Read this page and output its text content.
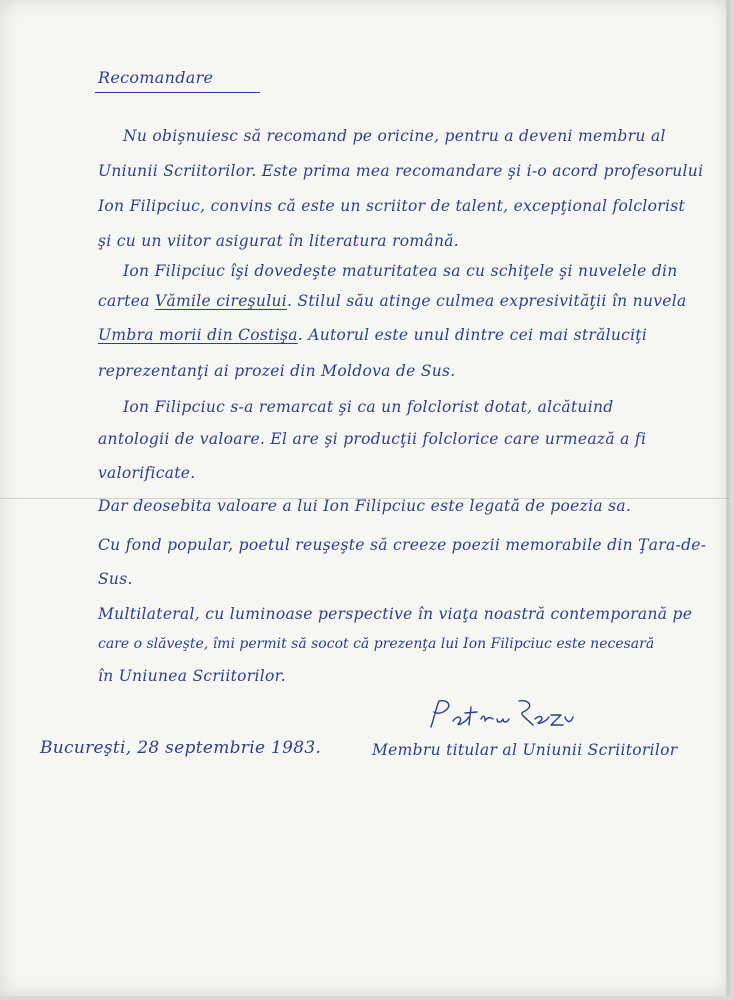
Recomandare
Nu obişnuiesc să recomand pe oricine, pentru a deveni membru al
Uniunii Scriitorilor. Este prima mea recomandare şi i-o acord profesorului
Ion Filipciuc, convins că este un scriitor de talent, excepţional folclorist
şi cu un viitor asigurat în literatura română.
Ion Filipciuc îşi dovedeşte maturitatea sa cu schiţele şi nuvelele din
cartea Vămile cireşului. Stilul său atinge culmea expresivităţii în nuvela
Umbra morii din Costişa. Autorul este unul dintre cei mai străluciţi
reprezentanţi ai prozei din Moldova de Sus.
Ion Filipciuc s-a remarcat şi ca un folclorist dotat, alcătuind
antologii de valoare. El are şi producţii folclorice care urmează a fi
valorificate.
Dar deosebita valoare a lui Ion Filipciuc este legată de poezia sa.
Cu fond popular, poetul reuşeşte să creeze poezii memorabile din Ţara-de-
Sus.
Multilateral, cu luminoase perspective în viaţa noastră contemporană pe
care o slăveşte, îmi permit să socot că prezenţa lui Ion Filipciuc este necesară
în Uniunea Scriitorilor.
Bucureşti, 28 septembrie 1983.	Membru titular al Uniunii Scriitorilor
